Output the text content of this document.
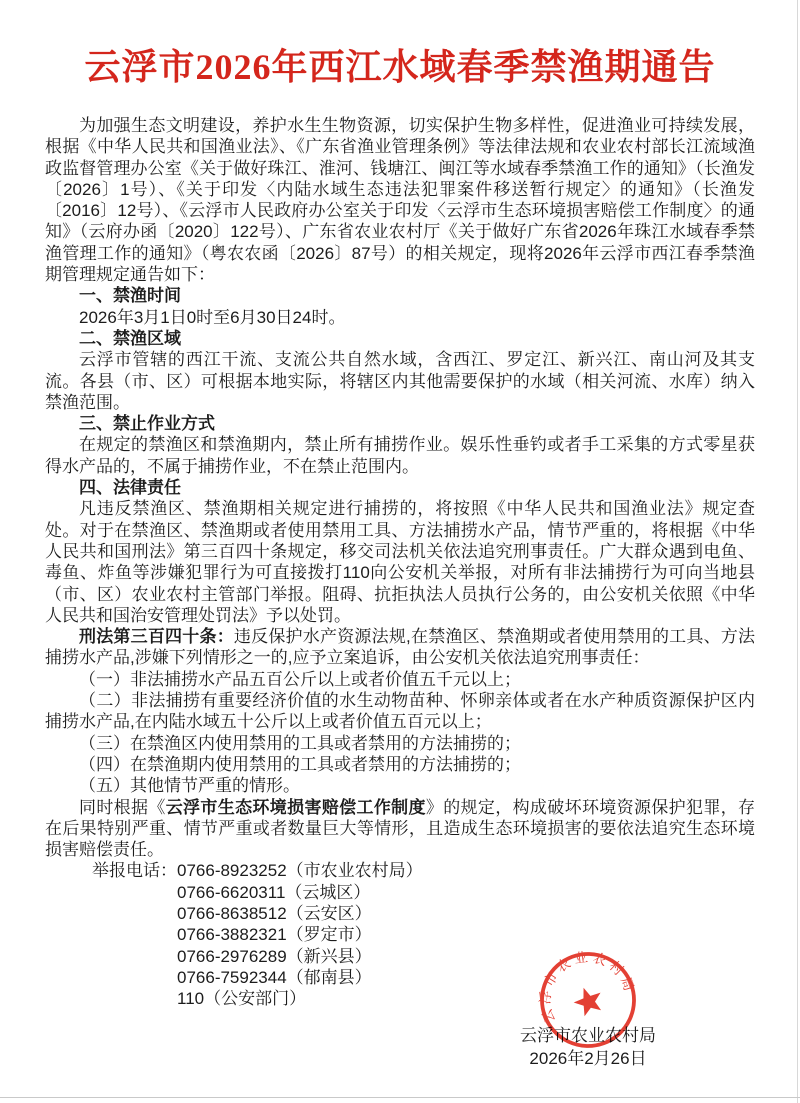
云浮市2026年西江水域春季禁渔期通告

为加强生态文明建设，养护水生生物资源，切实保护生物多样性，促进渔业可持续发展，根据《中华人民共和国渔业法》、《广东省渔业管理条例》等法律法规和农业农村部长江流域渔政监督管理办公室《关于做好珠江、淮河、钱塘江、闽江等水域春季禁渔工作的通知》（长渔发〔2026〕1号）、《关于印发〈内陆水域生态违法犯罪案件移送暂行规定〉的通知》（长渔发〔2016〕12号）、《云浮市人民政府办公室关于印发〈云浮市生态环境损害赔偿工作制度〉的通知》（云府办函〔2020〕122号）、广东省农业农村厅《关于做好广东省2026年珠江水域春季禁渔管理工作的通知》（粤农农函〔2026〕87号）的相关规定，现将2026年云浮市西江春季禁渔期管理规定通告如下：

一、禁渔时间

2026年3月1日0时至6月30日24时。

二、禁渔区域

云浮市管辖的西江干流、支流公共自然水域，含西江、罗定江、新兴江、南山河及其支流。各县（市、区）可根据本地实际，将辖区内其他需要保护的水域（相关河流、水库）纳入禁渔范围。

三、禁止作业方式

在规定的禁渔区和禁渔期内，禁止所有捕捞作业。娱乐性垂钓或者手工采集的方式零星获得水产品的，不属于捕捞作业，不在禁止范围内。

四、法律责任

凡违反禁渔区、禁渔期相关规定进行捕捞的，将按照《中华人民共和国渔业法》规定查处。对于在禁渔区、禁渔期或者使用禁用工具、方法捕捞水产品，情节严重的，将根据《中华人民共和国刑法》第三百四十条规定，移交司法机关依法追究刑事责任。广大群众遇到电鱼、毒鱼、炸鱼等涉嫌犯罪行为可直接拨打110向公安机关举报，对所有非法捕捞行为可向当地县（市、区）农业农村主管部门举报。阻碍、抗拒执法人员执行公务的，由公安机关依照《中华人民共和国治安管理处罚法》予以处罚。

刑法第三百四十条：违反保护水产资源法规,在禁渔区、禁渔期或者使用禁用的工具、方法捕捞水产品,涉嫌下列情形之一的,应予立案追诉，由公安机关依法追究刑事责任：

（一）非法捕捞水产品五百公斤以上或者价值五千元以上；

（二）非法捕捞有重要经济价值的水生动物苗种、怀卵亲体或者在水产种质资源保护区内捕捞水产品,在内陆水域五十公斤以上或者价值五百元以上；

（三）在禁渔区内使用禁用的工具或者禁用的方法捕捞的；

（四）在禁渔期内使用禁用的工具或者禁用的方法捕捞的；

（五）其他情节严重的情形。

同时根据《云浮市生态环境损害赔偿工作制度》的规定，构成破坏环境资源保护犯罪，存在后果特别严重、情节严重或者数量巨大等情形，且造成生态环境损害的要依法追究生态环境损害赔偿责任。

举报电话：0766-8923252（市农业农村局）
0766-6620311（云城区）
0766-8638512（云安区）
0766-3882321（罗定市）
0766-2976289（新兴县）
0766-7592344（郁南县）
110（公安部门）
云浮市农业农村局
2026年2月26日
云浮市农业农村局
